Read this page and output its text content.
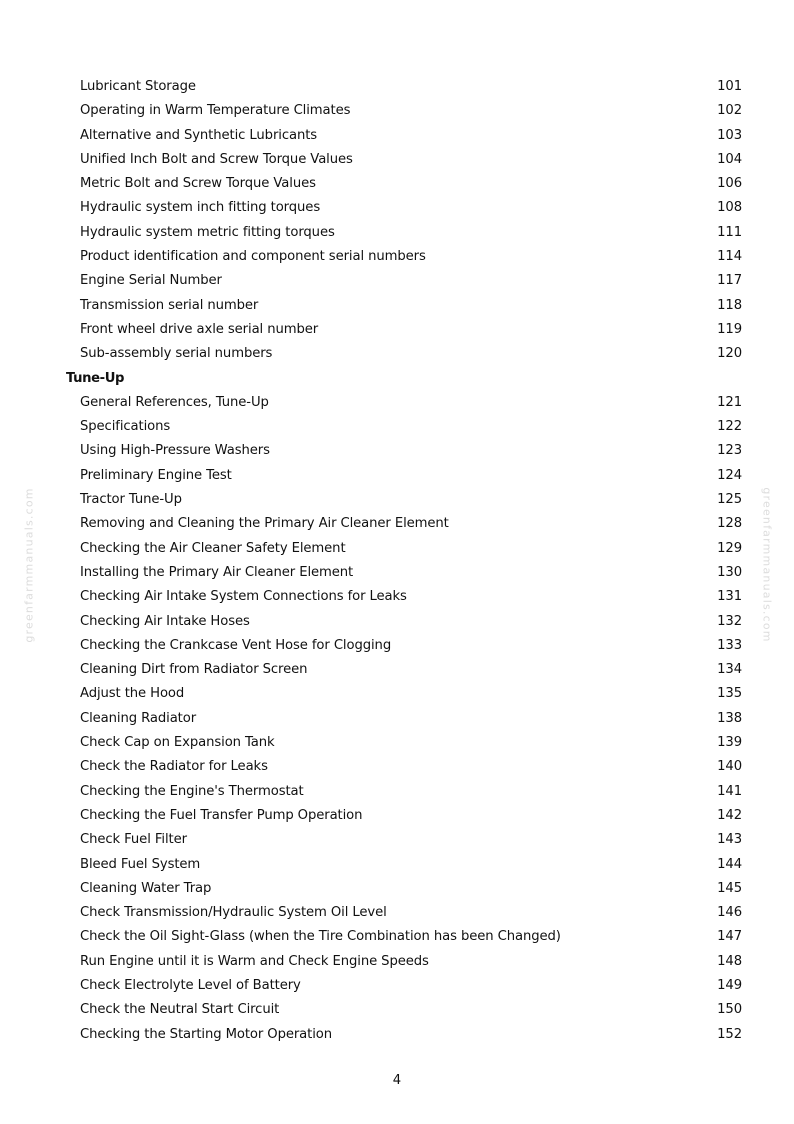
greenfarmmanuals.com	greenfarmmanuals.com
Lubricant Storage	101
Operating in Warm Temperature Climates	102
Alternative and Synthetic Lubricants	103
Unified Inch Bolt and Screw Torque Values	104
Metric Bolt and Screw Torque Values	106
Hydraulic system inch fitting torques	108
Hydraulic system metric fitting torques	111
Product identification and component serial numbers	114
Engine Serial Number	117
Transmission serial number	118
Front wheel drive axle serial number	119
Sub-assembly serial numbers	120
Tune-Up
General References, Tune-Up	121
Specifications	122
Using High-Pressure Washers	123
Preliminary Engine Test	124
Tractor Tune-Up	125
Removing and Cleaning the Primary Air Cleaner Element	128
Checking the Air Cleaner Safety Element	129
Installing the Primary Air Cleaner Element	130
Checking Air Intake System Connections for Leaks	131
Checking Air Intake Hoses	132
Checking the Crankcase Vent Hose for Clogging	133
Cleaning Dirt from Radiator Screen	134
Adjust the Hood	135
Cleaning Radiator	138
Check Cap on Expansion Tank	139
Check the Radiator for Leaks	140
Checking the Engine's Thermostat	141
Checking the Fuel Transfer Pump Operation	142
Check Fuel Filter	143
Bleed Fuel System	144
Cleaning Water Trap	145
Check Transmission/Hydraulic System Oil Level	146
Check the Oil Sight-Glass (when the Tire Combination has been Changed)	147
Run Engine until it is Warm and Check Engine Speeds	148
Check Electrolyte Level of Battery	149
Check the Neutral Start Circuit	150
Checking the Starting Motor Operation	152
4
